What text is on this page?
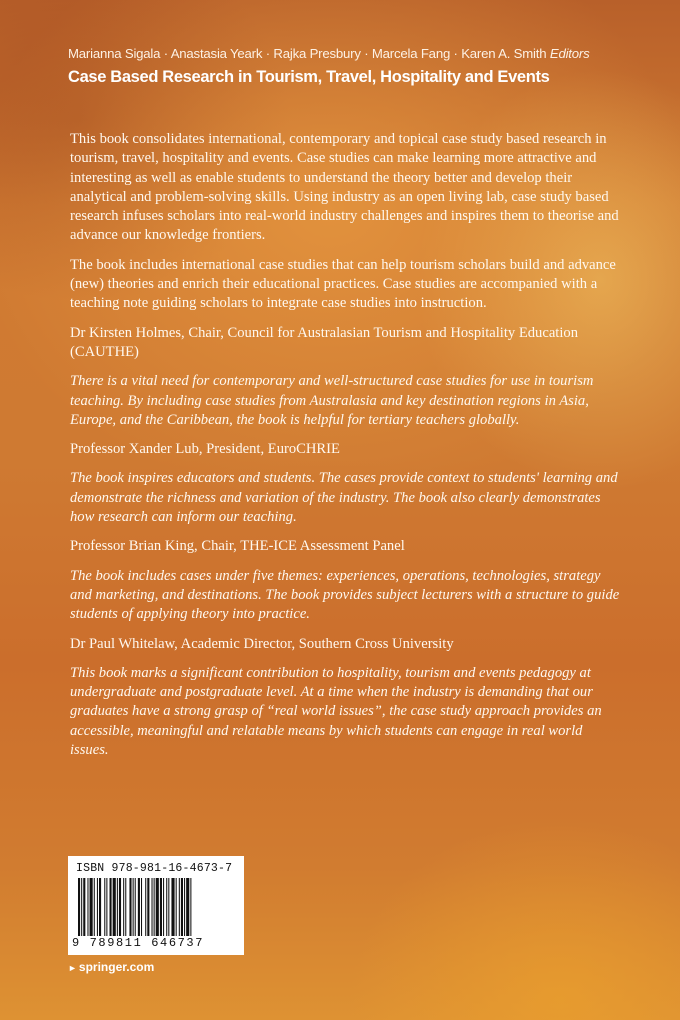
Marianna Sigala · Anastasia Yeark · Rajka Presbury · Marcela Fang · Karen A. Smith Editors
Case Based Research in Tourism, Travel, Hospitality and Events

This book consolidates international, contemporary and topical case study based research in tourism, travel, hospitality and events. Case studies can make learning more attractive and interesting as well as enable students to understand the theory better and develop their analytical and problem-solving skills. Using industry as an open living lab, case study based research infuses scholars into real-world industry challenges and inspires them to theorise and advance our knowledge frontiers.

The book includes international case studies that can help tourism scholars build and advance (new) theories and enrich their educational practices. Case studies are accompanied with a teaching note guiding scholars to integrate case studies into instruction.

Dr Kirsten Holmes, Chair, Council for Australasian Tourism and Hospitality Education (CAUTHE)

There is a vital need for contemporary and well-structured case studies for use in tourism teaching. By including case studies from Australasia and key destination regions in Asia, Europe, and the Caribbean, the book is helpful for tertiary teachers globally.

Professor Xander Lub, President, EuroCHRIE

The book inspires educators and students. The cases provide context to students' learning and demonstrate the richness and variation of the industry. The book also clearly demonstrates how research can inform our teaching.

Professor Brian King, Chair, THE-ICE Assessment Panel

The book includes cases under five themes: experiences, operations, technologies, strategy and marketing, and destinations. The book provides subject lecturers with a structure to guide students of applying theory into practice.

Dr Paul Whitelaw, Academic Director, Southern Cross University

This book marks a significant contribution to hospitality, tourism and events pedagogy at undergraduate and postgraduate level. At a time when the industry is demanding that our graduates have a strong grasp of “real world issues”, the case study approach provides an accessible, meaningful and relatable means by which students can engage in real world issues.

ISBN 978-981-16-4673-7
9 789811 646737
► springer.com
